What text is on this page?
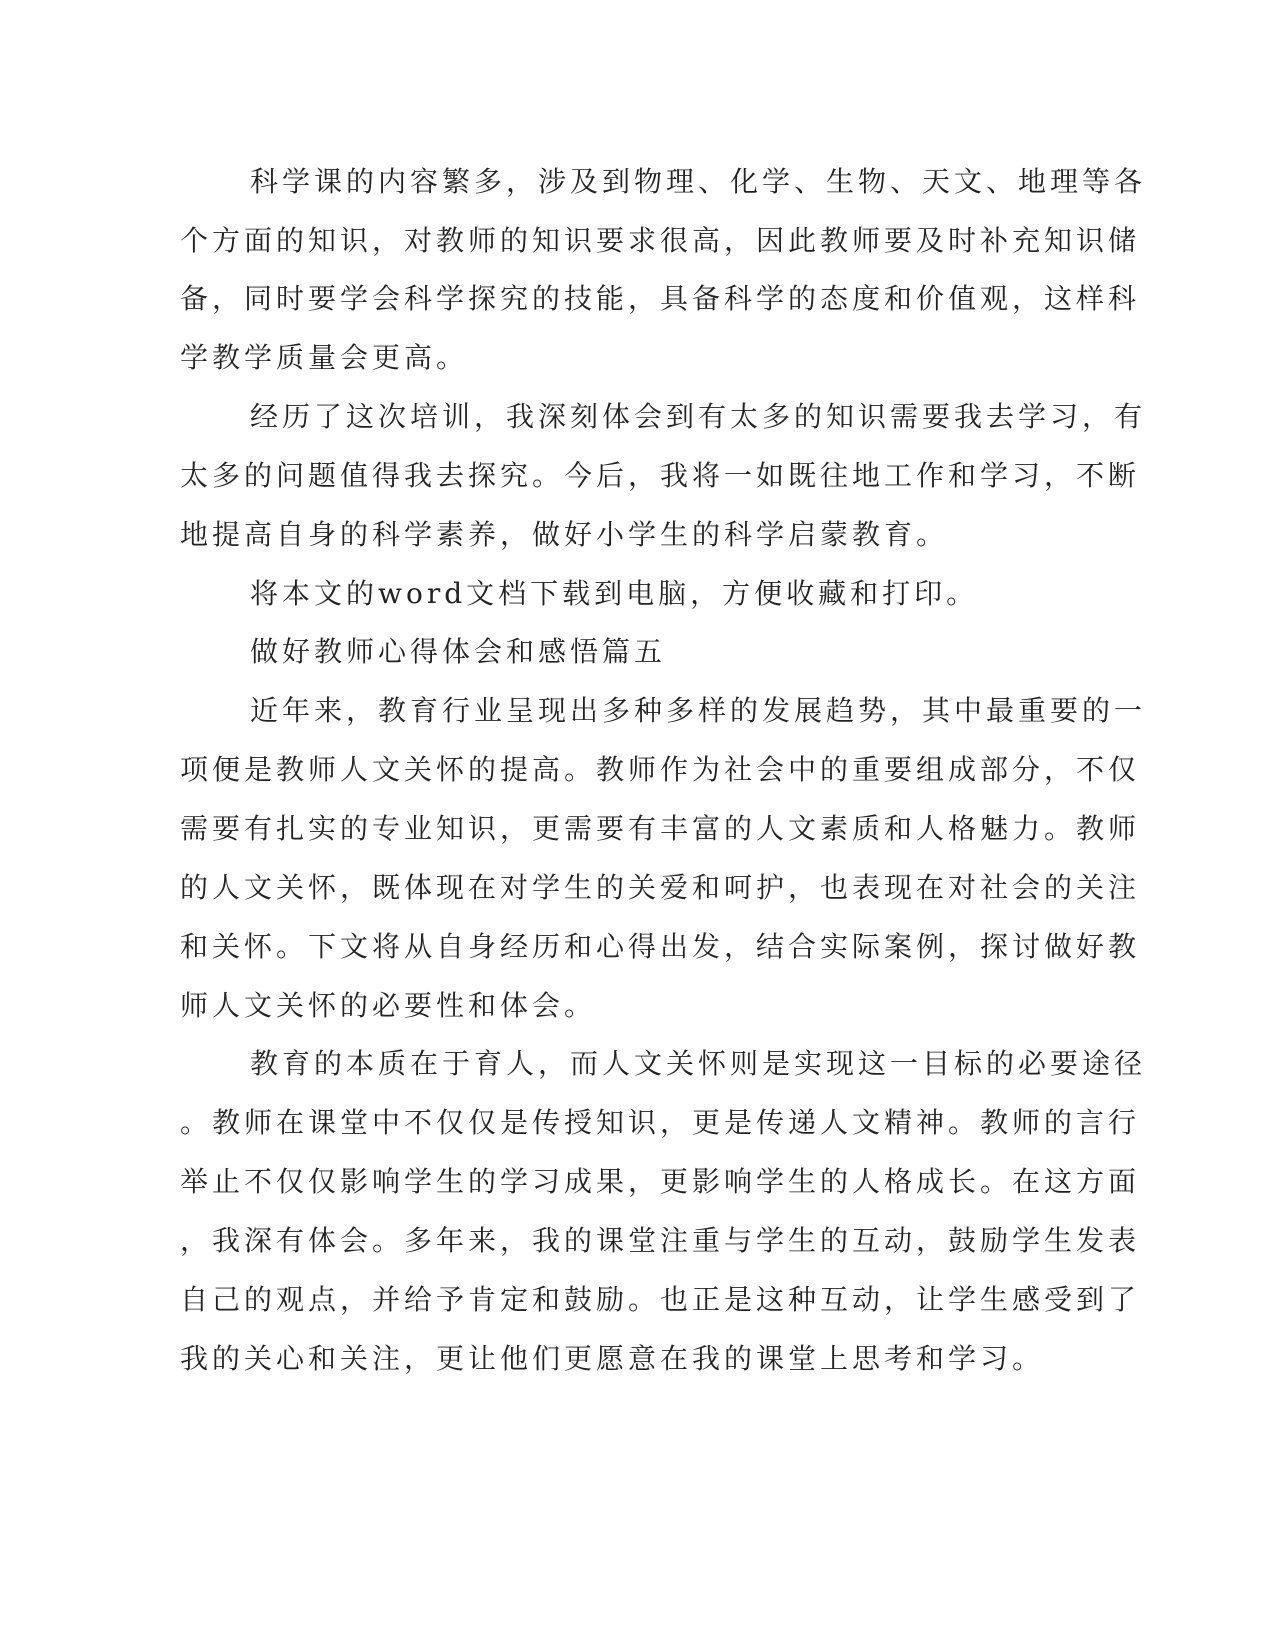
科学课的内容繁多，涉及到物理、化学、生物、天文、地理等各
个方面的知识，对教师的知识要求很高，因此教师要及时补充知识储
备，同时要学会科学探究的技能，具备科学的态度和价值观，这样科
学教学质量会更高。
经历了这次培训，我深刻体会到有太多的知识需要我去学习，有
太多的问题值得我去探究。今后，我将一如既往地工作和学习，不断
地提高自身的科学素养，做好小学生的科学启蒙教育。
将本文的word文档下载到电脑，方便收藏和打印。
做好教师心得体会和感悟篇五
近年来，教育行业呈现出多种多样的发展趋势，其中最重要的一
项便是教师人文关怀的提高。教师作为社会中的重要组成部分，不仅
需要有扎实的专业知识，更需要有丰富的人文素质和人格魅力。教师
的人文关怀，既体现在对学生的关爱和呵护，也表现在对社会的关注
和关怀。下文将从自身经历和心得出发，结合实际案例，探讨做好教
师人文关怀的必要性和体会。
教育的本质在于育人，而人文关怀则是实现这一目标的必要途径
。教师在课堂中不仅仅是传授知识，更是传递人文精神。教师的言行
举止不仅仅影响学生的学习成果，更影响学生的人格成长。在这方面
，我深有体会。多年来，我的课堂注重与学生的互动，鼓励学生发表
自己的观点，并给予肯定和鼓励。也正是这种互动，让学生感受到了
我的关心和关注，更让他们更愿意在我的课堂上思考和学习。
